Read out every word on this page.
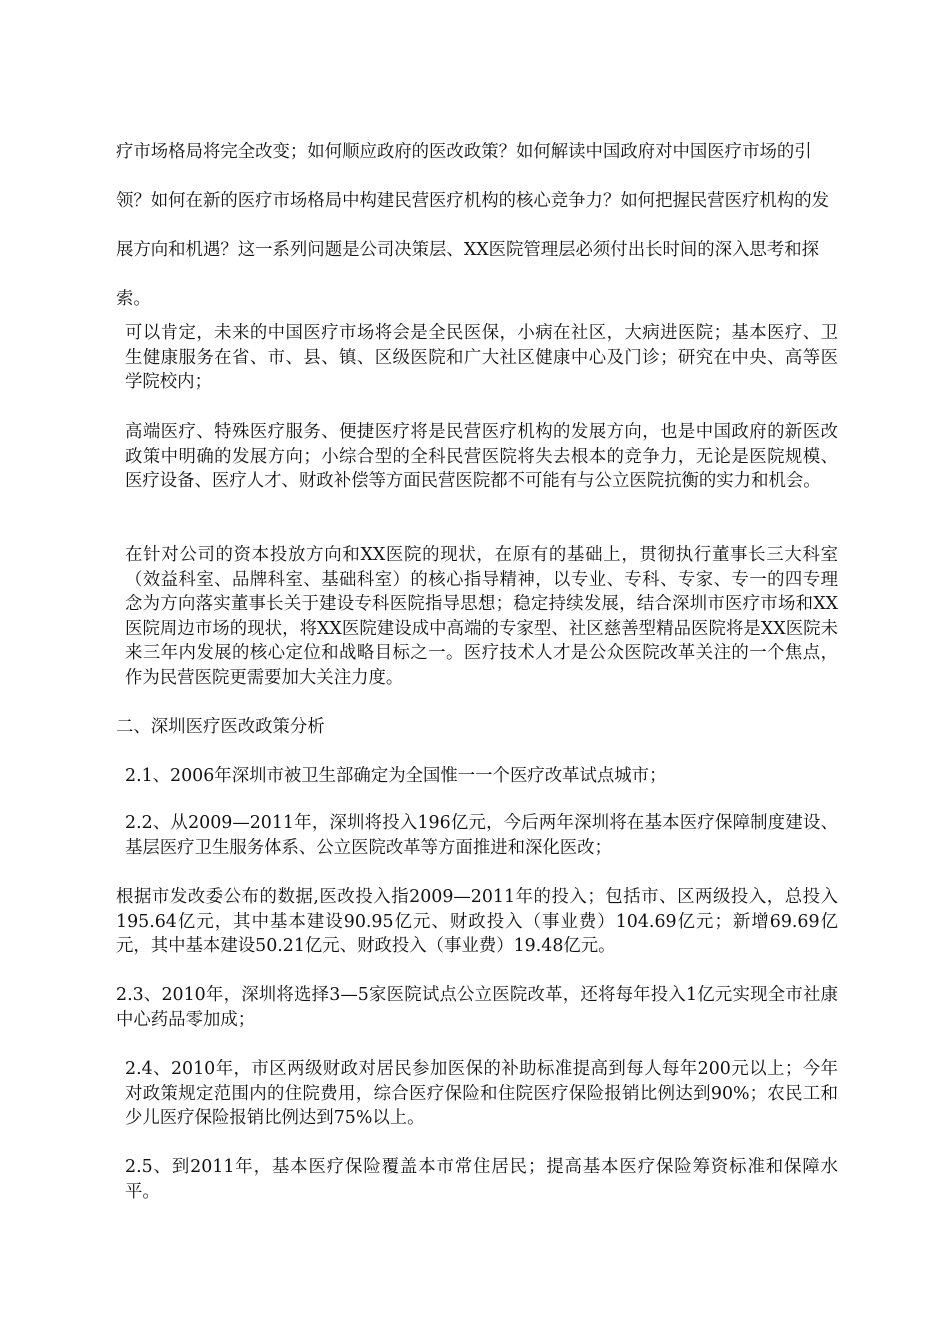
疗市场格局将完全改变；如何顺应政府的医改政策？如何解读中国政府对中国医疗市场的引领？如何在新的医疗市场格局中构建民营医疗机构的核心竞争力？如何把握民营医疗机构的发展方向和机遇？这一系列问题是公司决策层、XX医院管理层必须付出长时间的深入思考和探索。

可以肯定，未来的中国医疗市场将会是全民医保，小病在社区，大病进医院；基本医疗、卫生健康服务在省、市、县、镇、区级医院和广大社区健康中心及门诊；研究在中央、高等医学院校内；

高端医疗、特殊医疗服务、便捷医疗将是民营医疗机构的发展方向，也是中国政府的新医改政策中明确的发展方向；小综合型的全科民营医院将失去根本的竞争力，无论是医院规模、医疗设备、医疗人才、财政补偿等方面民营医院都不可能有与公立医院抗衡的实力和机会。

在针对公司的资本投放方向和XX医院的现状，在原有的基础上，贯彻执行董事长三大科室（效益科室、品牌科室、基础科室）的核心指导精神，以专业、专科、专家、专一的四专理念为方向落实董事长关于建设专科医院指导思想；稳定持续发展，结合深圳市医疗市场和XX医院周边市场的现状，将XX医院建设成中高端的专家型、社区慈善型精品医院将是XX医院未来三年内发展的核心定位和战略目标之一。医疗技术人才是公众医院改革关注的一个焦点，作为民营医院更需要加大关注力度。

二、深圳医疗医改政策分析

2.1、2006年深圳市被卫生部确定为全国惟一一个医疗改革试点城市；

2.2、从2009—2011年，深圳将投入196亿元，今后两年深圳将在基本医疗保障制度建设、基层医疗卫生服务体系、公立医院改革等方面推进和深化医改；

根据市发改委公布的数据,医改投入指2009—2011年的投入；包括市、区两级投入，总投入195.64亿元，其中基本建设90.95亿元、财政投入（事业费）104.69亿元；新增69.69亿元，其中基本建设50.21亿元、财政投入（事业费）19.48亿元。

2.3、2010年，深圳将选择3—5家医院试点公立医院改革，还将每年投入1亿元实现全市社康中心药品零加成；

2.4、2010年，市区两级财政对居民参加医保的补助标准提高到每人每年200元以上；今年对政策规定范围内的住院费用，综合医疗保险和住院医疗保险报销比例达到90%；农民工和少儿医疗保险报销比例达到75%以上。

2.5、到2011年，基本医疗保险覆盖本市常住居民；提高基本医疗保险筹资标准和保障水平。
